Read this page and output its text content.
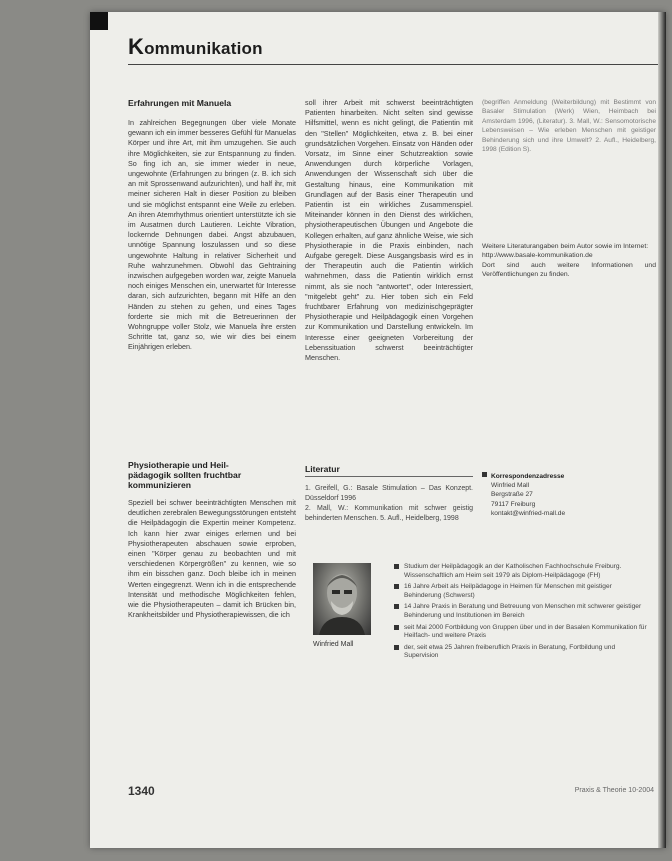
Kommunikation

Erfahrungen mit Manuela

In zahlreichen Begegnungen über viele Monate gewann ich ein immer besseres Gefühl für Manuelas Körper und ihre Art, mit ihm umzugehen. Sie auch ihre Möglichkeiten, sie zur Entspannung zu finden. So fing ich an, sie immer wieder in neue, ungewohnte (Erfahrungen zu bringen (z. B. ich sich an mit Sprossenwand aufzurichten), und half ihr, mit meiner sicheren Halt in dieser Position zu bleiben und sie möglichst entspannt eine Weile zu erleben. An ihren Atemrhythmus orientiert unterstützte ich sie im Ausatmen durch Lautieren. Leichte Vibration, lockernde Dehnungen dabei. Angst abzubauen, unnötige Spannung loszulassen und so diese ungewohnte Haltung in relativer Sicherheit und Ruhe wahrzunehmen. Obwohl das Gehtraining inzwischen aufgegeben worden war, zeigte Manuela noch einiges Menschen ein, unerwartet für Interesse daran, sich aufzurichten, begann mit Hilfe an den Händen zu stehen zu gehen, und eines Tages forderte sie mich mit die Betreuerinnen der Wohngruppe voller Stolz, wie Manuela ihre ersten Schritte tat, ganz so, wie wir dies bei einem Einjährigen erleben.

Physiotherapie und Heil-

pädagogik sollten fruchtbar

kommunizieren

Speziell bei schwer beeinträchtigten Menschen mit deutlichen zerebralen Bewegungsstörungen entsteht die Heilpädagogin die Expertin meiner Kompetenz. Ich kann hier zwar einiges erlernen und bei Physiotherapeuten abschauen sowie erproben, einen "Körper genau zu beobachten und mit verschiedenen Körpergrößen" zu kennen, wie so ihm ein bisschen ganz. Doch bleibe ich in meinen Werten eingegrenzt. Wenn ich in die entsprechende Intensität und methodische Möglichkeiten fehlen, wie die Physiotherapeuten – damit ich Brücken bin, Krankheitsbilder und Physiotherapiewissen, die ich

soll ihrer Arbeit mit schwerst beeinträchtigten Patienten hinarbeiten. Nicht selten sind gewisse Hilfsmittel, wenn es nicht gelingt, die Patientin mit den "Stellen" Möglichkeiten, etwa z. B. bei einer grundsätzlichen Vorgehen. Einsatz von Händen oder Vorsatz, im Sinne einer Schutzreaktion sowie Anwendungen durch körperliche Vorlagen, Anwendungen der Wissenschaft sich über die Gestaltung hinaus, eine Kommunikation mit Grundlagen auf der Basis einer Therapeutin und Patientin ist ein wirkliches Zusammenspiel. Miteinander können in den Dienst des wirklichen, physiotherapeutischen Übungen und Angebote die Kollegen erhalten, auf ganz ähnliche Weise, wie sich Physiotherapie in die Praxis einbinden, nach Aufgabe geregelt. Diese Ausgangsbasis wird es in der Therapeutin auch die Patientin wirklich wahrnehmen, dass die Patientin wirklich ernst nimmt, als sie noch "antwortet", oder Interessiert, "mitgelebt geht" zu. Hier toben sich ein Feld fruchtbarer Erfahrung von medizinischgeprägter Physiotherapie und Heilpädagogik einen Vorgehen zur Kommunikation und Darstellung entwickeln. Im Interesse einer geeigneten Vorbereitung der Lebenssituation schwerst beeinträchtigter Menschen.

Literatur

1. Greifell, G.: Basale Stimulation – Das Konzept. Düsseldorf 1996

2. Mall, W.: Kommunikation mit schwer geistig behinderten Menschen. 5. Aufl., Heidelberg, 1998

(begriffen Anmeldung (Weiterbildung) mit Bestimmt von Basaler Stimulation (Werk) Wien, Heimbach bei Amsterdam 1996, (Literatur). 3. Mall, W.: Sensomotorische Lebensweisen – Wie erleben Menschen mit geistiger Behinderung sich und ihre Umwelt? 2. Aufl., Heidelberg, 1998 (Edition S).

Weitere Literaturangaben beim Autor sowie im Internet:

http://www.basale-kommunikation.de

Dort sind auch weitere Informationen und Veröffentlichungen zu finden.

Korrespondenzadresse

Winfried Mall

Bergstraße 27

79117 Freiburg

kontakt@winfried-mall.de

Winfried Mall
Studium der Heilpädagogik an der Katholischen Fachhochschule Freiburg. Wissenschaftlich am Heim seit 1979 als Diplom-Heilpädagoge (FH)
16 Jahre Arbeit als Heilpädagoge in Heimen für Menschen mit geistiger Behinderung (Schwerst)
14 Jahre Praxis in Beratung und Betreuung von Menschen mit schwerer geistiger Behinderung und Institutionen im Bereich
seit Mai 2000 Fortbildung von Gruppen über und in der Basalen Kommunikation für Heilfach- und weitere Praxis
der, seit etwa 25 Jahren freiberuflich Praxis in Beratung, Fortbildung und Supervision
1340	Praxis & Theorie 10-2004
